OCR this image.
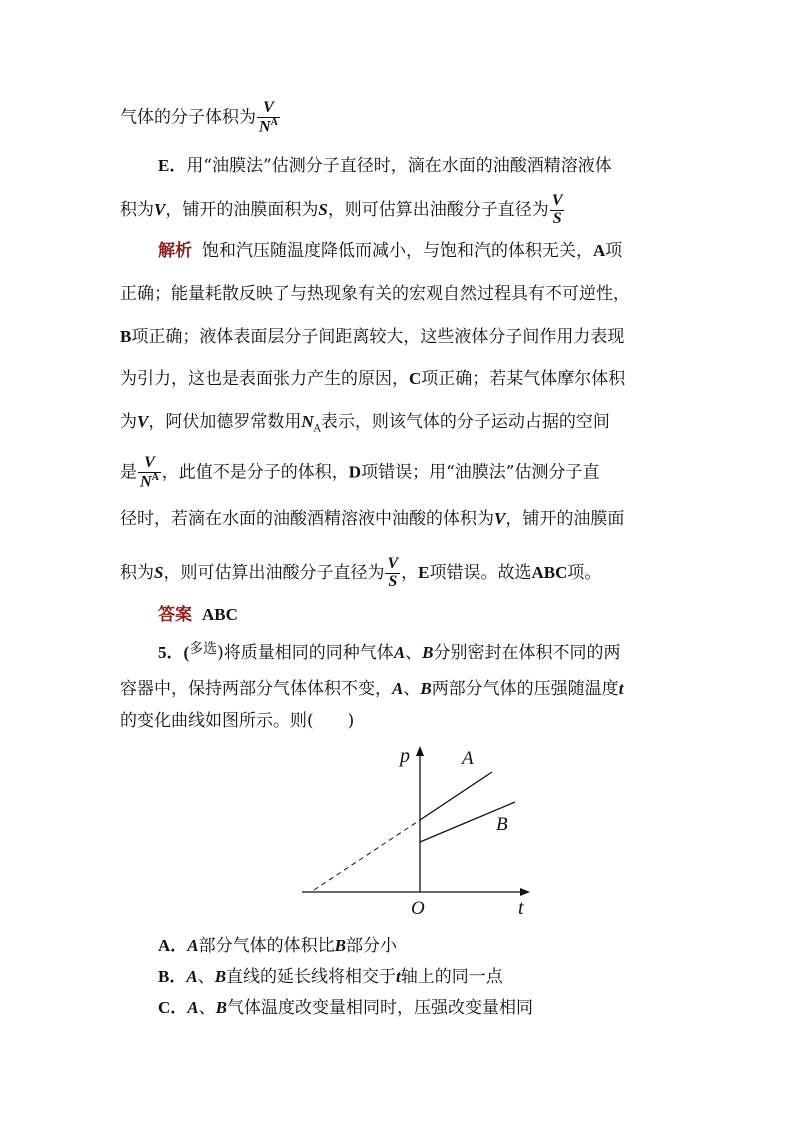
气体的分子体积为 $\frac{V}{N_A}$
E．用“油膜法”估测分子直径时，滴在水面的油酸酒精溶液体
积为V，铺开的油膜面积为S，则可估算出油酸分子直径为 $\frac{V}{S}$
解析 饱和汽压随温度降低而减小，与饱和汽的体积无关，A项
正确；能量耗散反映了与热现象有关的宏观自然过程具有不可逆性，
B项正确；液体表面层分子间距离较大，这些液体分子间作用力表现
为引力，这也是表面张力产生的原因，C项正确；若某气体摩尔体积
为V，阿伏加德罗常数用$N_A$表示，则该气体的分子运动占据的空间
是 $\frac{V}{N_A}$ ，此值不是分子的体积，D项错误；用“油膜法”估测分子直
径时，若滴在水面的油酸酒精溶液中油酸的体积为V，铺开的油膜面
积为S，则可估算出油酸分子直径为 $\frac{V}{S}$ ，E项错误。故选ABC项。
答案 ABC
5．($^{多选}$)将质量相同的同种气体A、B分别密封在体积不同的两
容器中，保持两部分气体体积不变，A、B两部分气体的压强随温度t
的变化曲线如图所示。则(　　)
p
t
O
A
B
A．A部分气体的体积比B部分小
B．A、B直线的延长线将相交于t轴上的同一点
C．A、B气体温度改变量相同时，压强改变量相同
